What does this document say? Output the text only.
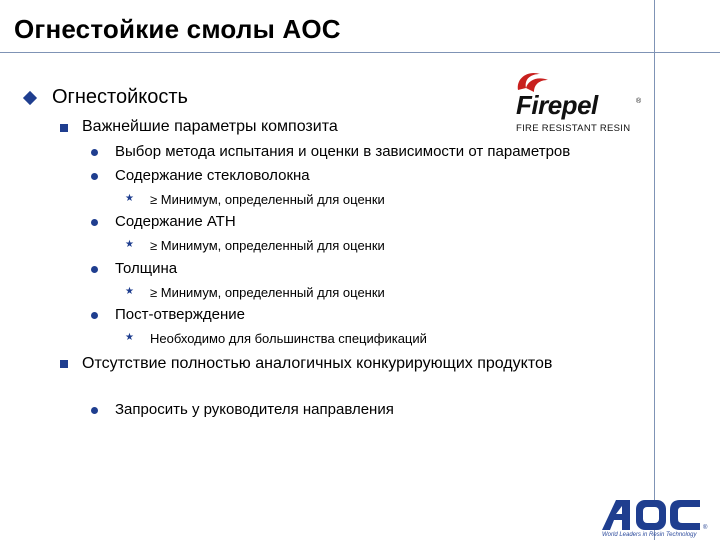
Огнестойкие смолы AOC
Firepel	®
FIRE RESISTANT RESIN
Огнестойкость
Важнейшие параметры композита
Выбор метода испытания и оценки в зависимости от параметров
Содержание стекловолокна
★ ≥ Минимум, определенный для оценки
Содержание АТН
★ ≥ Минимум, определенный для оценки
Толщина
★ ≥ Минимум, определенный для оценки
Пост-отверждение
★ Необходимо для большинства спецификаций
Отсутствие полностью аналогичных конкурирующих продуктов
Запросить у руководителя направления
®
World Leaders in Resin Technology
